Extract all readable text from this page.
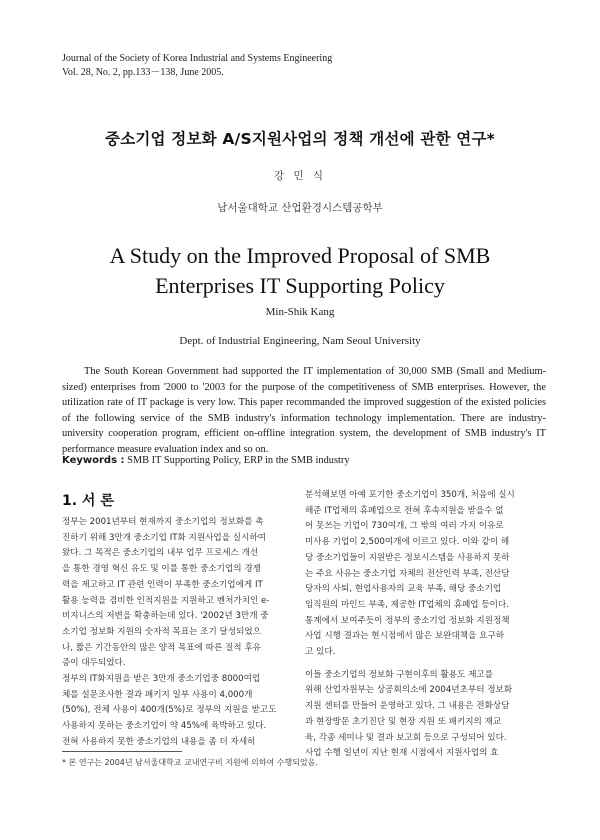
Journal of the Society of Korea Industrial and Systems Engineering
Vol. 28, No. 2, pp.133－138, June 2005.
중소기업 정보화 A/S지원사업의 정책 개선에 관한 연구*
강 민 식
남서울대학교 산업환경시스템공학부
A Study on the Improved Proposal of SMB
Enterprises IT Supporting Policy
Min-Shik Kang
Dept. of Industrial Engineering, Nam Seoul University
The South Korean Government had supported the IT implementation of 30,000 SMB (Small and Medium-sized) enterprises from '2000 to '2003 for the purpose of the competitiveness of SMB enterprises. However, the utilization rate of IT package is very low. This paper recommanded the improved suggestion of the existed policies of the following service of the SMB industry's information technology implementation. There are industry-university cooperation program, efficient on-offline integration system, the development of SMB industry's IT performance measure evaluation index and so on.
Keywords : SMB IT Supporting Policy, ERP in the SMB industry
1. 서 론

정부는 2001년부터 현재까지 중소기업의 정보화를 촉

진하기 위해 3만개 중소기업 IT화 지원사업을 실시하여

왔다. 그 목적은 중소기업의 내부 업무 프로세스 개선

을 통한 경영 혁신 유도 및 이를 통한 중소기업의 경쟁

력을 제고하고 IT 관련 인력이 부족한 중소기업에게 IT

활용 능력을 겸비한 인적지원을 지원하고 벤처가치인 e-

비지니스의 저변을 확충하는데 있다. '2002년 3만개 중

소기업 정보화 지원의 숫자적 목표는 조기 달성되었으

나, 짧은 기간동안의 많은 양적 목표에 따른 질적 후유

증이 대두되었다.

정부의 IT화지원을 받은 3만개 중소기업중 8000여업

체를 설문조사한 결과 패키지 일부 사용이 4,000개

(50%), 전체 사용이 400개(5%)로 정부의 지원을 받고도

사용하지 못하는 중소기업이 약 45%에 육박하고 있다.

전혀 사용하지 못한 중소기업의 내용을 좀 더 자세히

분석해보면 아예 포기한 중소기업이 350개, 처음에 실시

해준 IT업체의 휴폐업으로 전혀 후속지원을 받을수 없

어 못쓰는 기업이 730여개, 그 밖의 여러 가지 이유로

미사용 기업이 2,500여개에 이르고 있다. 이와 같이 해

당 중소기업들이 지원받은 정보시스템을 사용하지 못하

는 주요 사유는 중소기업 자체의 전산인력 부족, 전산담

당자의 사퇴, 현업사용자의 교육 부족, 해당 중소기업

임직원의 마인드 부족, 제공한 IT업체의 휴폐업 등이다.

통계에서 보여주듯이 정부의 중소기업 정보화 지원정책

사업 시행 결과는 현시점에서 많은 보완대책을 요구하

고 있다.

이들 중소기업의 정보화 구현이후의 활용도 제고를

위해 산업자원부는 상공회의소에 2004년초부터 정보화

지원 센터를 만들어 운영하고 있다. 그 내용은 전화상담

과 현장방문 초기진단 및 현장 지원 또 패키지의 재교

육, 각종 세미나 및 결과 보고회 등으로 구성되어 있다.

사업 수행 일년이 지난 현재 시점에서 지원사업의 효

* 본 연구는 2004년 남서울대학교 교내연구비 지원에 의하여 수행되었음.
